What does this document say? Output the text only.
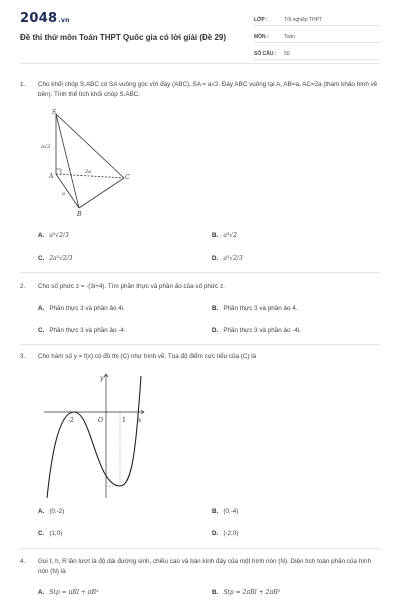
2048.vn
Đề thi thử môn Toán THPT Quốc gia có lời giải (Đề 29)
LỚP :	Tốt nghiệp THPT
MÔN :	Toán
SỐ CÂU :	50
1. Cho khối chóp S.ABC có SA vuông góc với đáy (ABC), SA = a√2. Đáy ABC vuông tại A, AB=a, AC=2a (tham khảo hình vẽ bên). Tính thể tích khối chóp S.ABC.
S
A
B
C
a√2
2a
a
A. a³√2/3	B. a³√2
C. 2a³√2/3	D. a³√2/3
2. Cho số phức z = -(3i+4). Tìm phần thực và phần ảo của số phức z.
A. Phần thực 3 và phần ảo 4i.	B. Phần thực 3 và phần ảo 4.
C. Phần thực 3 và phần ảo -4.	D. Phần thực 3 và phần ảo -4i.
3. Cho hàm số y = f(x) có đồ thị (C) như hình vẽ. Tọa độ điểm cực tiểu của (C) là
y
x
O
-2	1
A. (0;-2)	B. (0;-4)
C. (1;0)	D. (-2;0)
4. Gọi ℓ, h, R lần lượt là độ dài đường sinh, chiều cao và bán kính đáy của một hình nón (N). Diện tích toàn phần của hình nón (N) là
A. Stp = πRl + πR²	B. Stp = 2πRl + 2πR²
